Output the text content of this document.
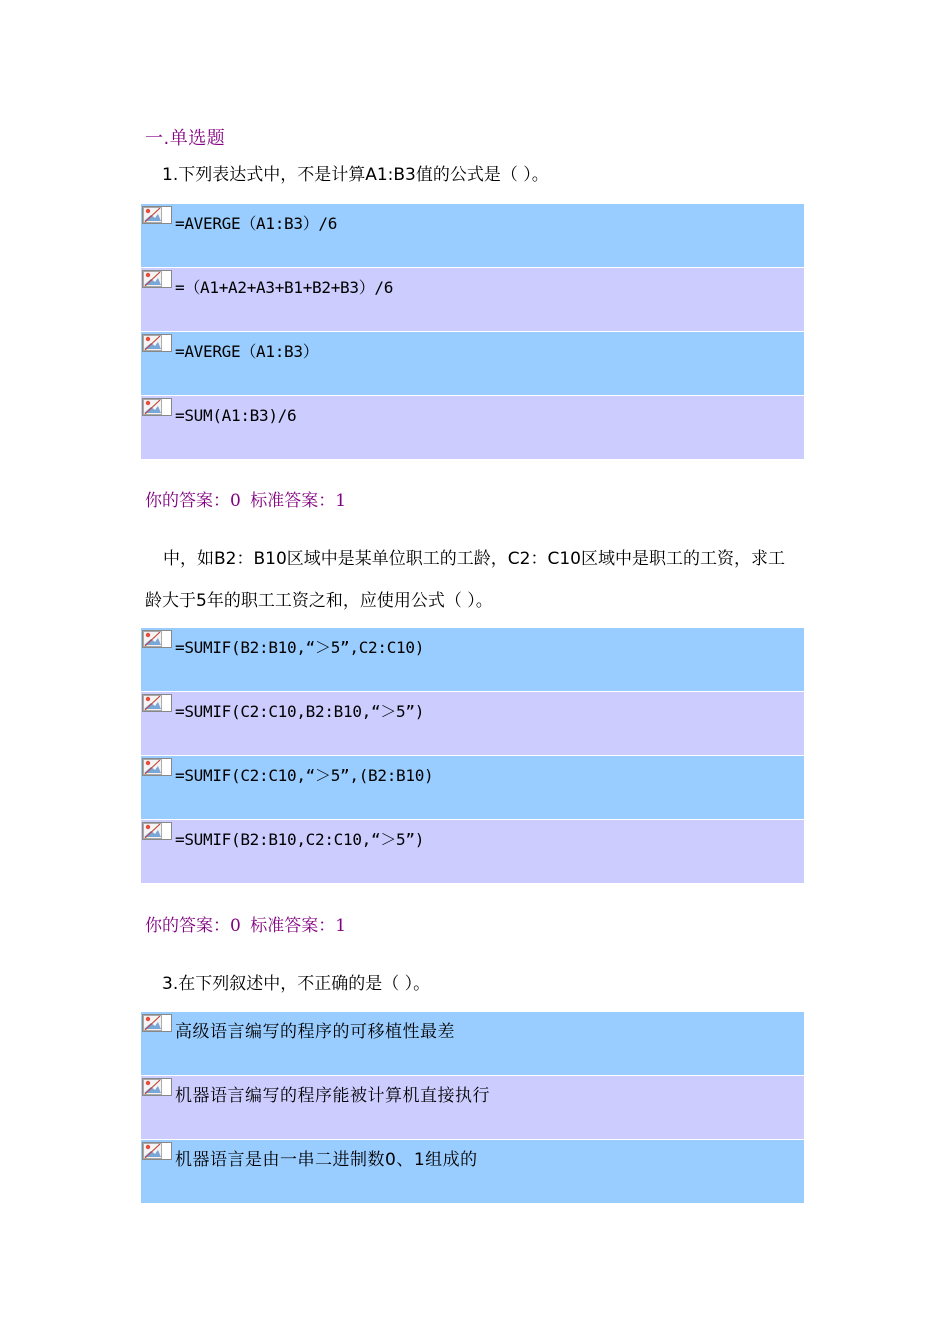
一.单选题
1.下列表达式中，不是计算A1:B3值的公式是（ ）。
=AVERGE（A1:B3）/6
=（A1+A2+A3+B1+B2+B3）/6
=AVERGE（A1:B3）
=SUM(A1:B3)/6
你的答案：0 标准答案：1
中，如B2：B10区域中是某单位职工的工龄，C2：C10区域中是职工的工资，求工龄大于5年的职工工资之和，应使用公式（ ）。
=SUMIF(B2:B10,“＞5”,C2:C10)
=SUMIF(C2:C10,B2:B10,“＞5”)
=SUMIF(C2:C10,“＞5”,(B2:B10)
=SUMIF(B2:B10,C2:C10,“＞5”)
你的答案：0 标准答案：1
3.在下列叙述中，不正确的是（ ）。
高级语言编写的程序的可移植性最差
机器语言编写的程序能被计算机直接执行
机器语言是由一串二进制数0、1组成的
